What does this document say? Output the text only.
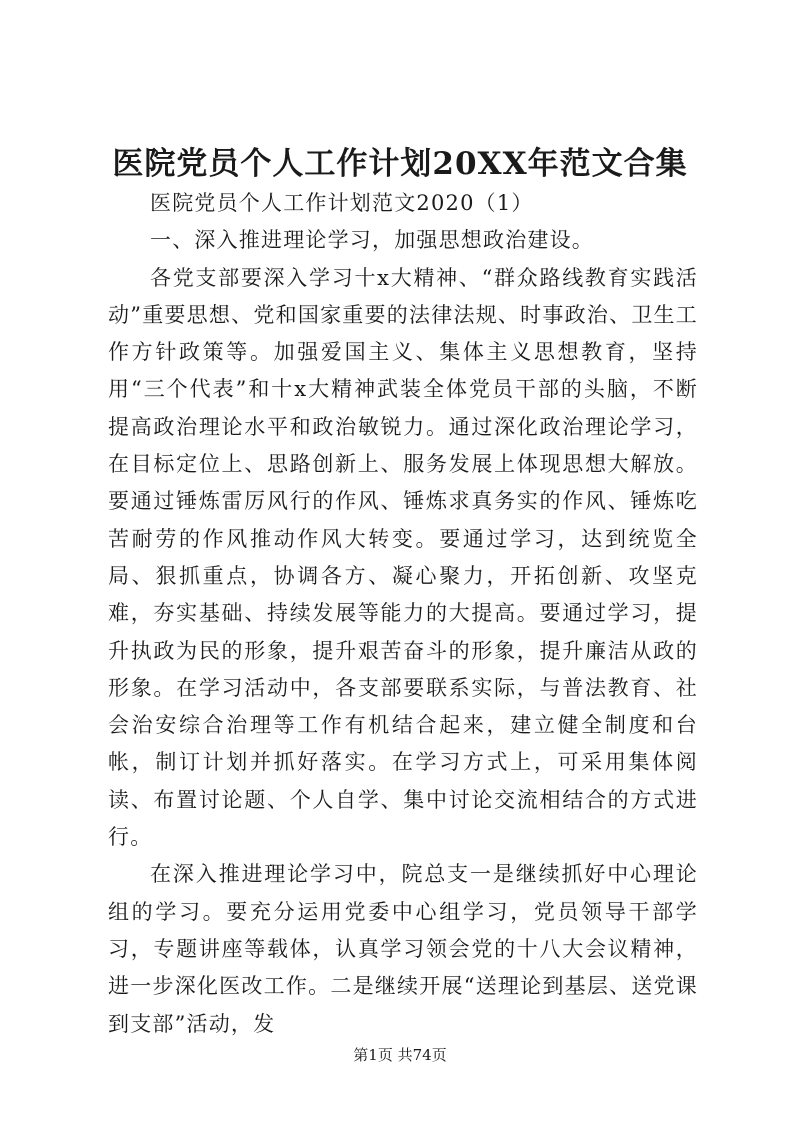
医院党员个人工作计划20XX年范文合集

医院党员个人工作计划范文2020（1）

一、深入推进理论学习，加强思想政治建设。

各党支部要深入学习十x大精神、“群众路线教育实践活动”重要思想、党和国家重要的法律法规、时事政治、卫生工作方针政策等。加强爱国主义、集体主义思想教育，坚持用“三个代表”和十x大精神武装全体党员干部的头脑，不断提高政治理论水平和政治敏锐力。通过深化政治理论学习，在目标定位上、思路创新上、服务发展上体现思想大解放。要通过锤炼雷厉风行的作风、锤炼求真务实的作风、锤炼吃苦耐劳的作风推动作风大转变。要通过学习，达到统览全局、狠抓重点，协调各方、凝心聚力，开拓创新、攻坚克难，夯实基础、持续发展等能力的大提高。要通过学习，提升执政为民的形象，提升艰苦奋斗的形象，提升廉洁从政的形象。在学习活动中，各支部要联系实际，与普法教育、社会治安综合治理等工作有机结合起来，建立健全制度和台帐，制订计划并抓好落实。在学习方式上，可采用集体阅读、布置讨论题、个人自学、集中讨论交流相结合的方式进行。

在深入推进理论学习中，院总支一是继续抓好中心理论组的学习。要充分运用党委中心组学习，党员领导干部学习，专题讲座等载体，认真学习领会党的十八大会议精神，进一步深化医改工作。二是继续开展“送理论到基层、送党课到支部”活动，发

第1页 共74页
